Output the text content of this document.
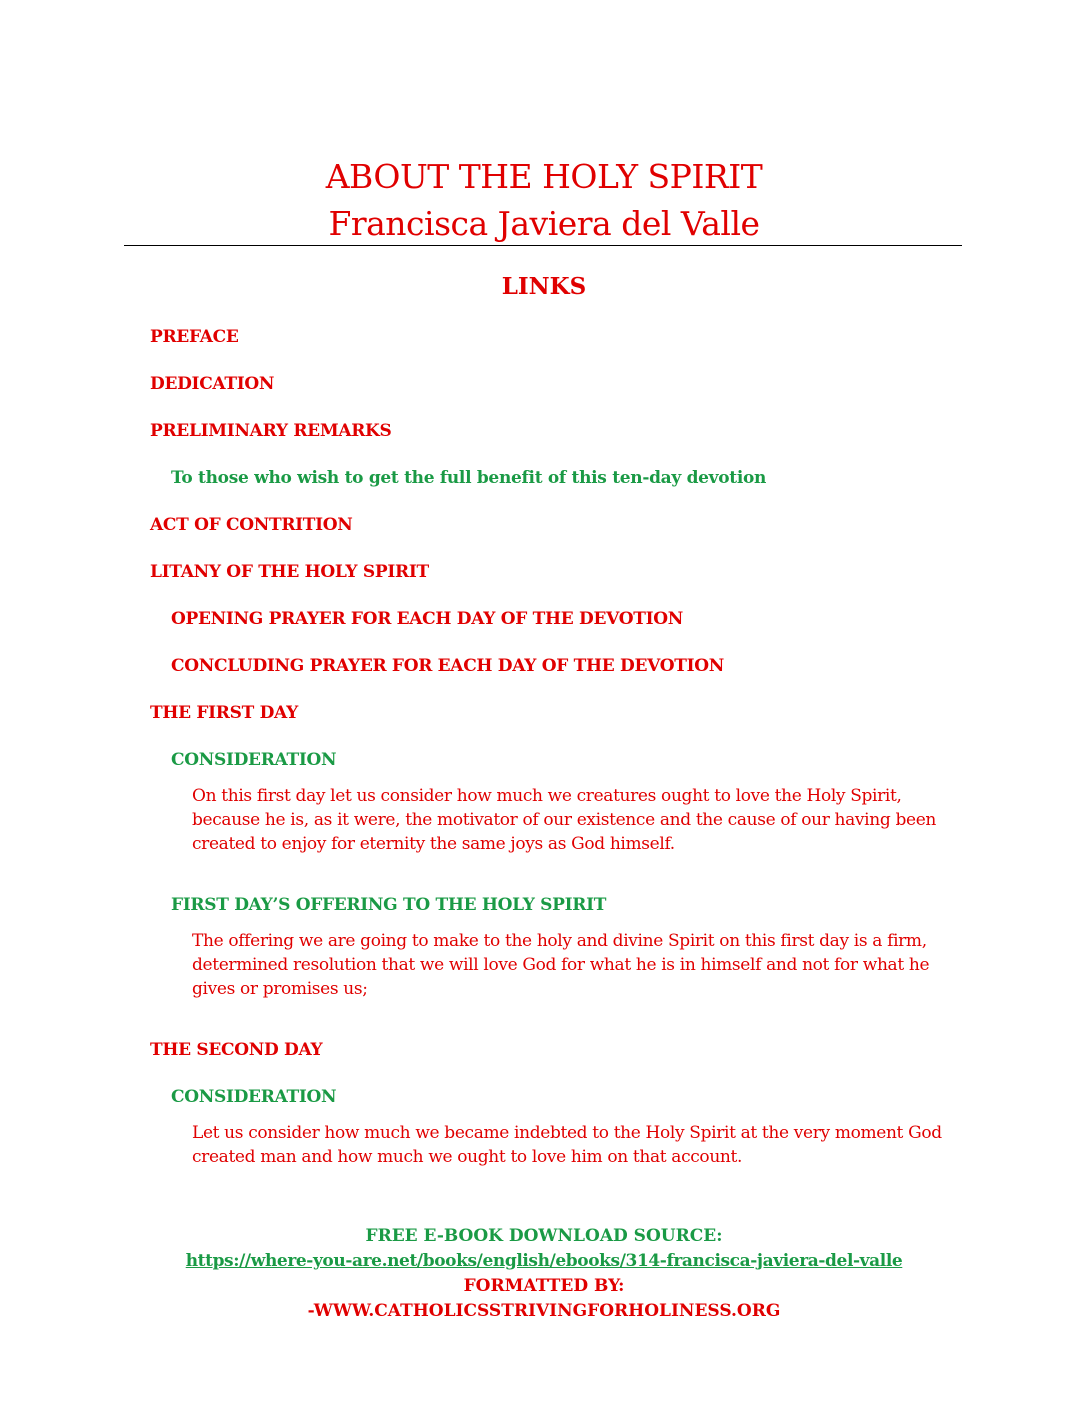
ABOUT THE HOLY SPIRIT
Francisca Javiera del Valle
LINKS
PREFACE
DEDICATION
PRELIMINARY REMARKS
To those who wish to get the full benefit of this ten-day devotion
ACT OF CONTRITION
LITANY OF THE HOLY SPIRIT
OPENING PRAYER FOR EACH DAY OF THE DEVOTION
CONCLUDING PRAYER FOR EACH DAY OF THE DEVOTION
THE FIRST DAY
CONSIDERATION

On this first day let us consider how much we creatures ought to love the Holy Spirit, because he is, as it were, the motivator of our existence and the cause of our having been created to enjoy for eternity the same joys as God himself.

FIRST DAY’S OFFERING TO THE HOLY SPIRIT

The offering we are going to make to the holy and divine Spirit on this first day is a firm, determined resolution that we will love God for what he is in himself and not for what he gives or promises us;

THE SECOND DAY
CONSIDERATION

Let us consider how much we became indebted to the Holy Spirit at the very moment God created man and how much we ought to love him on that account.

FREE E-BOOK DOWNLOAD SOURCE:
https://where-you-are.net/books/english/ebooks/314-francisca-javiera-del-valle
FORMATTED BY:
-WWW.CATHOLICSSTRIVINGFORHOLINESS.ORG
